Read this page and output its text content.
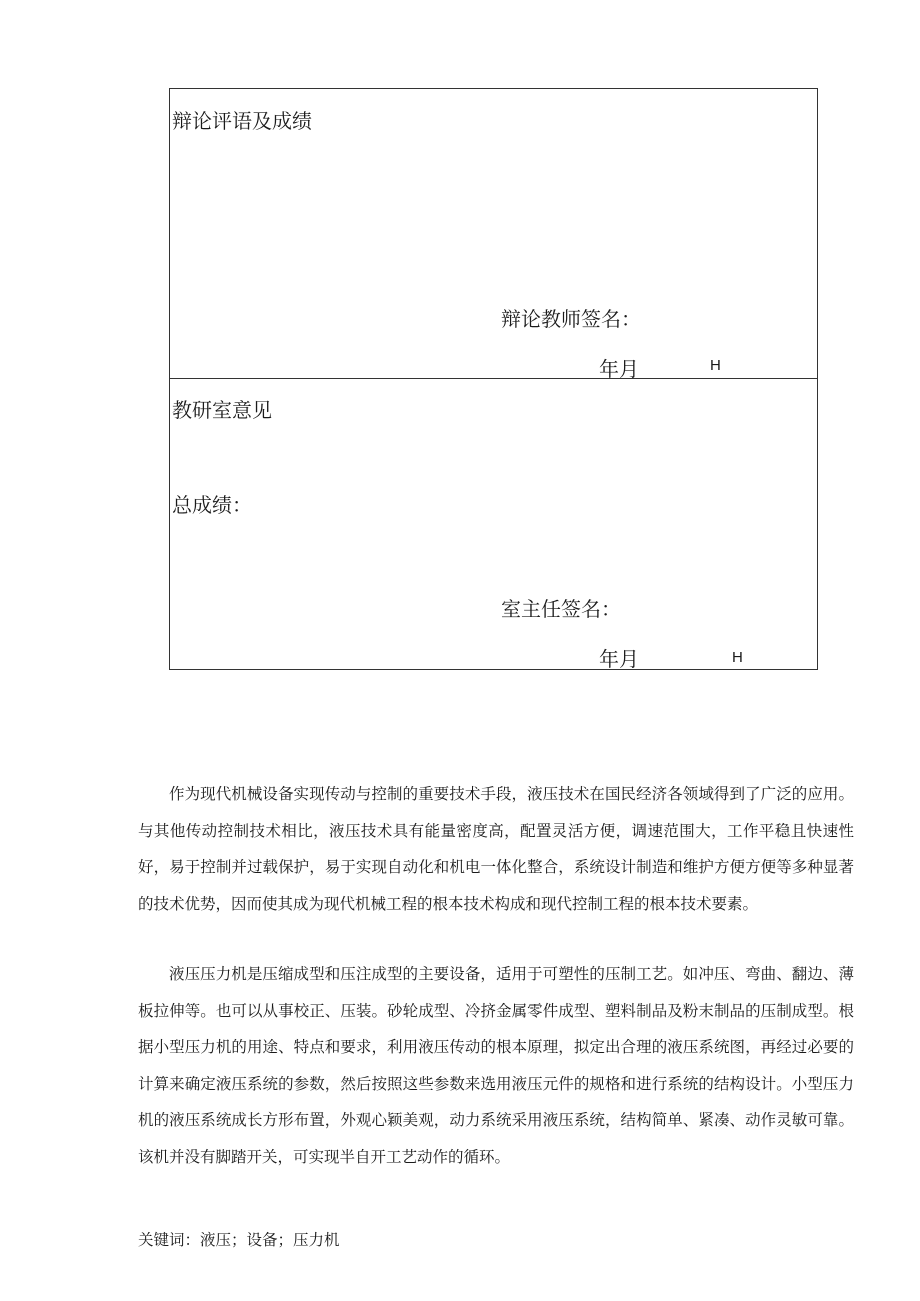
辩论评语及成绩
辩论教师签名：
年月	H
教研室意见
总成绩：
室主任签名：
年月	H

作为现代机械设备实现传动与控制的重要技术手段，液压技术在国民经济各领域得到了广泛的应用。与其他传动控制技术相比，液压技术具有能量密度高，配置灵活方便，调速范围大，工作平稳且快速性好，易于控制并过载保护，易于实现自动化和机电一体化整合，系统设计制造和维护方便方便等多种显著的技术优势，因而使其成为现代机械工程的根本技术构成和现代控制工程的根本技术要素。

液压压力机是压缩成型和压注成型的主要设备，适用于可塑性的压制工艺。如冲压、弯曲、翻边、薄板拉伸等。也可以从事校正、压装。砂轮成型、冷挤金属零件成型、塑料制品及粉末制品的压制成型。根据小型压力机的用途、特点和要求，利用液压传动的根本原理，拟定出合理的液压系统图，再经过必要的计算来确定液压系统的参数，然后按照这些参数来选用液压元件的规格和进行系统的结构设计。小型压力机的液压系统成长方形布置，外观心颖美观，动力系统采用液压系统，结构简单、紧凑、动作灵敏可靠。该机并没有脚踏开关，可实现半自开工艺动作的循环。

关键词：液压；设备；压力机
